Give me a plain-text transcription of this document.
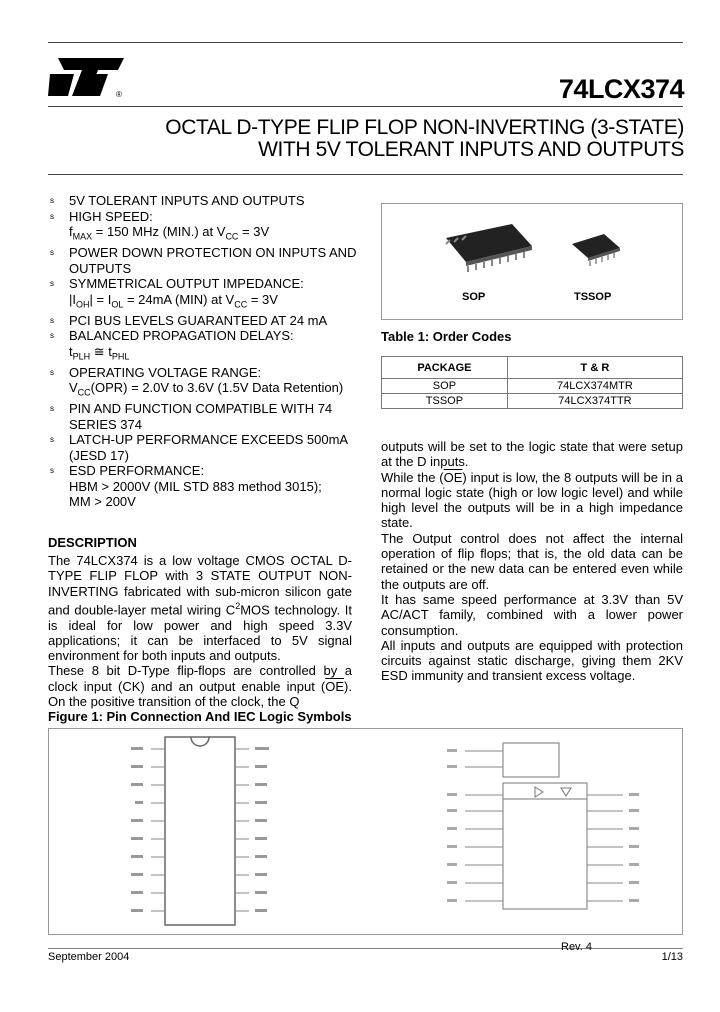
®	74LCX374
OCTAL D-TYPE FLIP FLOP NON-INVERTING (3-STATE)
WITH 5V TOLERANT INPUTS AND OUTPUTS
s 5V TOLERANT INPUTS AND OUTPUTS
s HIGH SPEED:
$f_{MAX} = 150$ MHz (MIN.) at $V_{CC} = 3V$
s POWER DOWN PROTECTION ON INPUTS AND OUTPUTS
s SYMMETRICAL OUTPUT IMPEDANCE:
$|I_{OH}| = I_{OL} = 24mA$ (MIN) at $V_{CC} = 3V$
s PCI BUS LEVELS GUARANTEED AT 24 mA
s BALANCED PROPAGATION DELAYS:
$t_{PLH}$ ≅ $t_{PHL}$
s OPERATING VOLTAGE RANGE:
$V_{CC}(OPR) = 2.0V$ to 3.6V (1.5V Data Retention)
s PIN AND FUNCTION COMPATIBLE WITH 74 SERIES 374
s LATCH-UP PERFORMANCE EXCEEDS 500mA (JESD 17)
s ESD PERFORMANCE:
HBM > 2000V (MIL STD 883 method 3015);
MM > 200V
SOP	TSSOP
Table 1: Order Codes
PACKAGE	T & R
SOP	74LCX374MTR
TSSOP	74LCX374TTR
DESCRIPTION

The 74LCX374 is a low voltage CMOS OCTAL D-TYPE FLIP FLOP with 3 STATE OUTPUT NON-INVERTING fabricated with sub-micron silicon gate and double-layer metal wiring $C^2MOS$ technology. It is ideal for low power and high speed 3.3V applications; it can be interfaced to 5V signal environment for both inputs and outputs.

These 8 bit D-Type flip-flops are controlled by a clock input (CK) and an output enable input $(\overline{OE})$. On the positive transition of the clock, the Q

outputs will be set to the logic state that were setup at the D inputs.

While the $(\overline{OE})$ input is low, the 8 outputs will be in a normal logic state (high or low logic level) and while high level the outputs will be in a high impedance state.

The Output control does not affect the internal operation of flip flops; that is, the old data can be retained or the new data can be entered even while the outputs are off.

It has same speed performance at 3.3V than 5V AC/ACT family, combined with a lower power consumption.

All inputs and outputs are equipped with protection circuits against static discharge, giving them 2KV ESD immunity and transient excess voltage.

Figure 1: Pin Connection And IEC Logic Symbols
Rev. 4
September 2004	1/13
